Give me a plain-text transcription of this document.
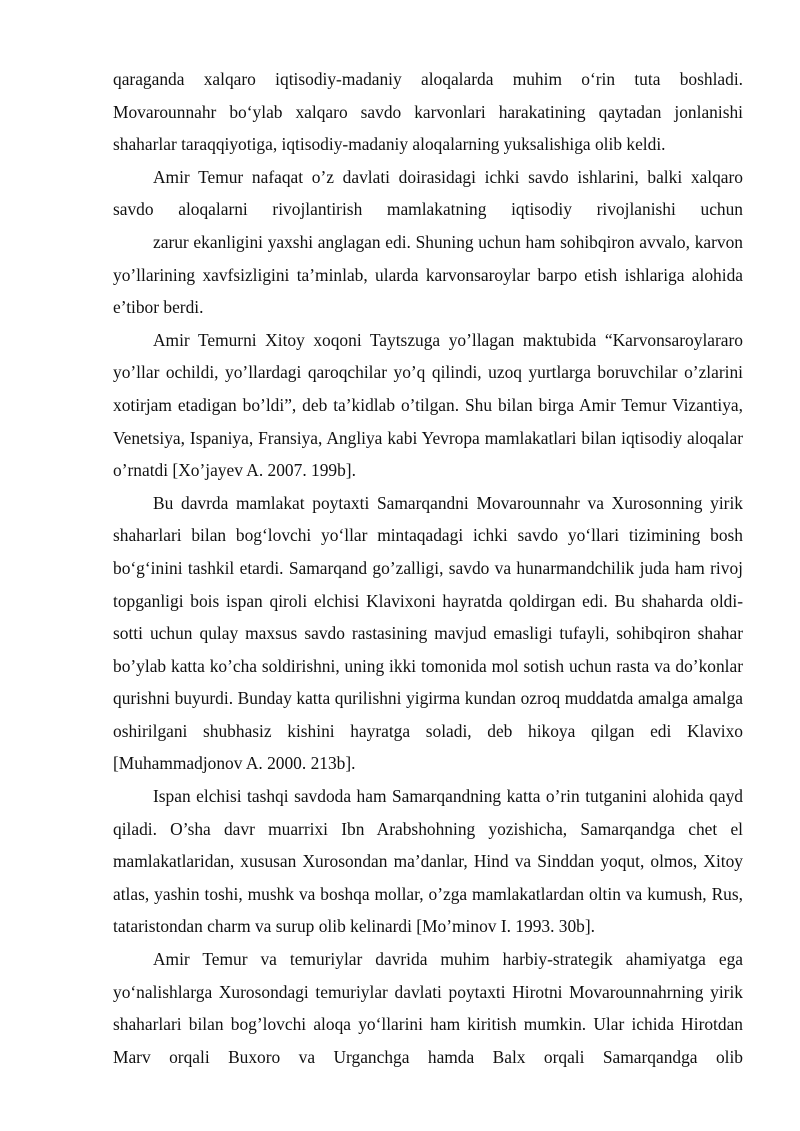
qaraganda xalqaro iqtisodiy-madaniy aloqalarda muhim o‘rin tuta boshladi. Movarounnahr bo‘ylab xalqaro savdo karvonlari harakatining qaytadan jonlanishi shaharlar taraqqiyotiga, iqtisodiy-madaniy aloqalarning yuksalishiga olib keldi.

Amir Temur nafaqat o’z davlati doirasidagi ichki savdo ishlarini, balki xalqaro savdo aloqalarni rivojlantirish mamlakatning iqtisodiy rivojlanishi uchun

zarur ekanligini yaxshi anglagan edi. Shuning uchun ham sohibqiron avvalo, karvon yo’llarining xavfsizligini ta’minlab, ularda karvonsaroylar barpo etish ishlariga alohida e’tibor berdi.

Amir Temurni Xitoy xoqoni Taytszuga yo’llagan maktubida “Karvonsaroylararo yo’llar ochildi, yo’llardagi qaroqchilar yo’q qilindi, uzoq yurtlarga boruvchilar o’zlarini xotirjam etadigan bo’ldi”, deb ta’kidlab o’tilgan. Shu bilan birga Amir Temur Vizantiya, Venetsiya, Ispaniya, Fransiya, Angliya kabi Yevropa mamlakatlari bilan iqtisodiy aloqalar o’rnatdi [Xo’jayev A. 2007. 199b].

Bu davrda mamlakat poytaxti Samarqandni Movarounnahr va Xurosonning yirik shaharlari bilan bog‘lovchi yo‘llar mintaqadagi ichki savdo yo‘llari tizimining bosh bo‘g‘inini tashkil etardi. Samarqand go’zalligi, savdo va hunarmandchilik juda ham rivoj topganligi bois ispan qiroli elchisi Klavixoni hayratda qoldirgan edi. Bu shaharda oldi-sotti uchun qulay maxsus savdo rastasining mavjud emasligi tufayli, sohibqiron shahar bo’ylab katta ko’cha soldirishni, uning ikki tomonida mol sotish uchun rasta va do’konlar qurishni buyurdi. Bunday katta qurilishni yigirma kundan ozroq muddatda amalga amalga oshirilgani shubhasiz kishini hayratga soladi, deb hikoya qilgan edi Klavixo [Muhammadjonov A. 2000. 213b].

Ispan elchisi tashqi savdoda ham Samarqandning katta o’rin tutganini alohida qayd qiladi. O’sha davr muarrixi Ibn Arabshohning yozishicha, Samarqandga chet el mamlakatlaridan, xususan Xurosondan ma’danlar, Hind va Sinddan yoqut, olmos, Xitoy atlas, yashin toshi, mushk va boshqa mollar, o’zga mamlakatlardan oltin va kumush, Rus, tataristondan charm va surup olib kelinardi [Mo’minov I. 1993. 30b].

Amir Temur va temuriylar davrida muhim harbiy-strategik ahamiyatga ega yo‘nalishlarga Xurosondagi temuriylar davlati poytaxti Hirotni Movarounnahrning yirik shaharlari bilan bog’lovchi aloqa yo‘llarini ham kiritish mumkin. Ular ichida Hirotdan Marv orqali Buxoro va Urganchga hamda Balx orqali Samarqandga olib
